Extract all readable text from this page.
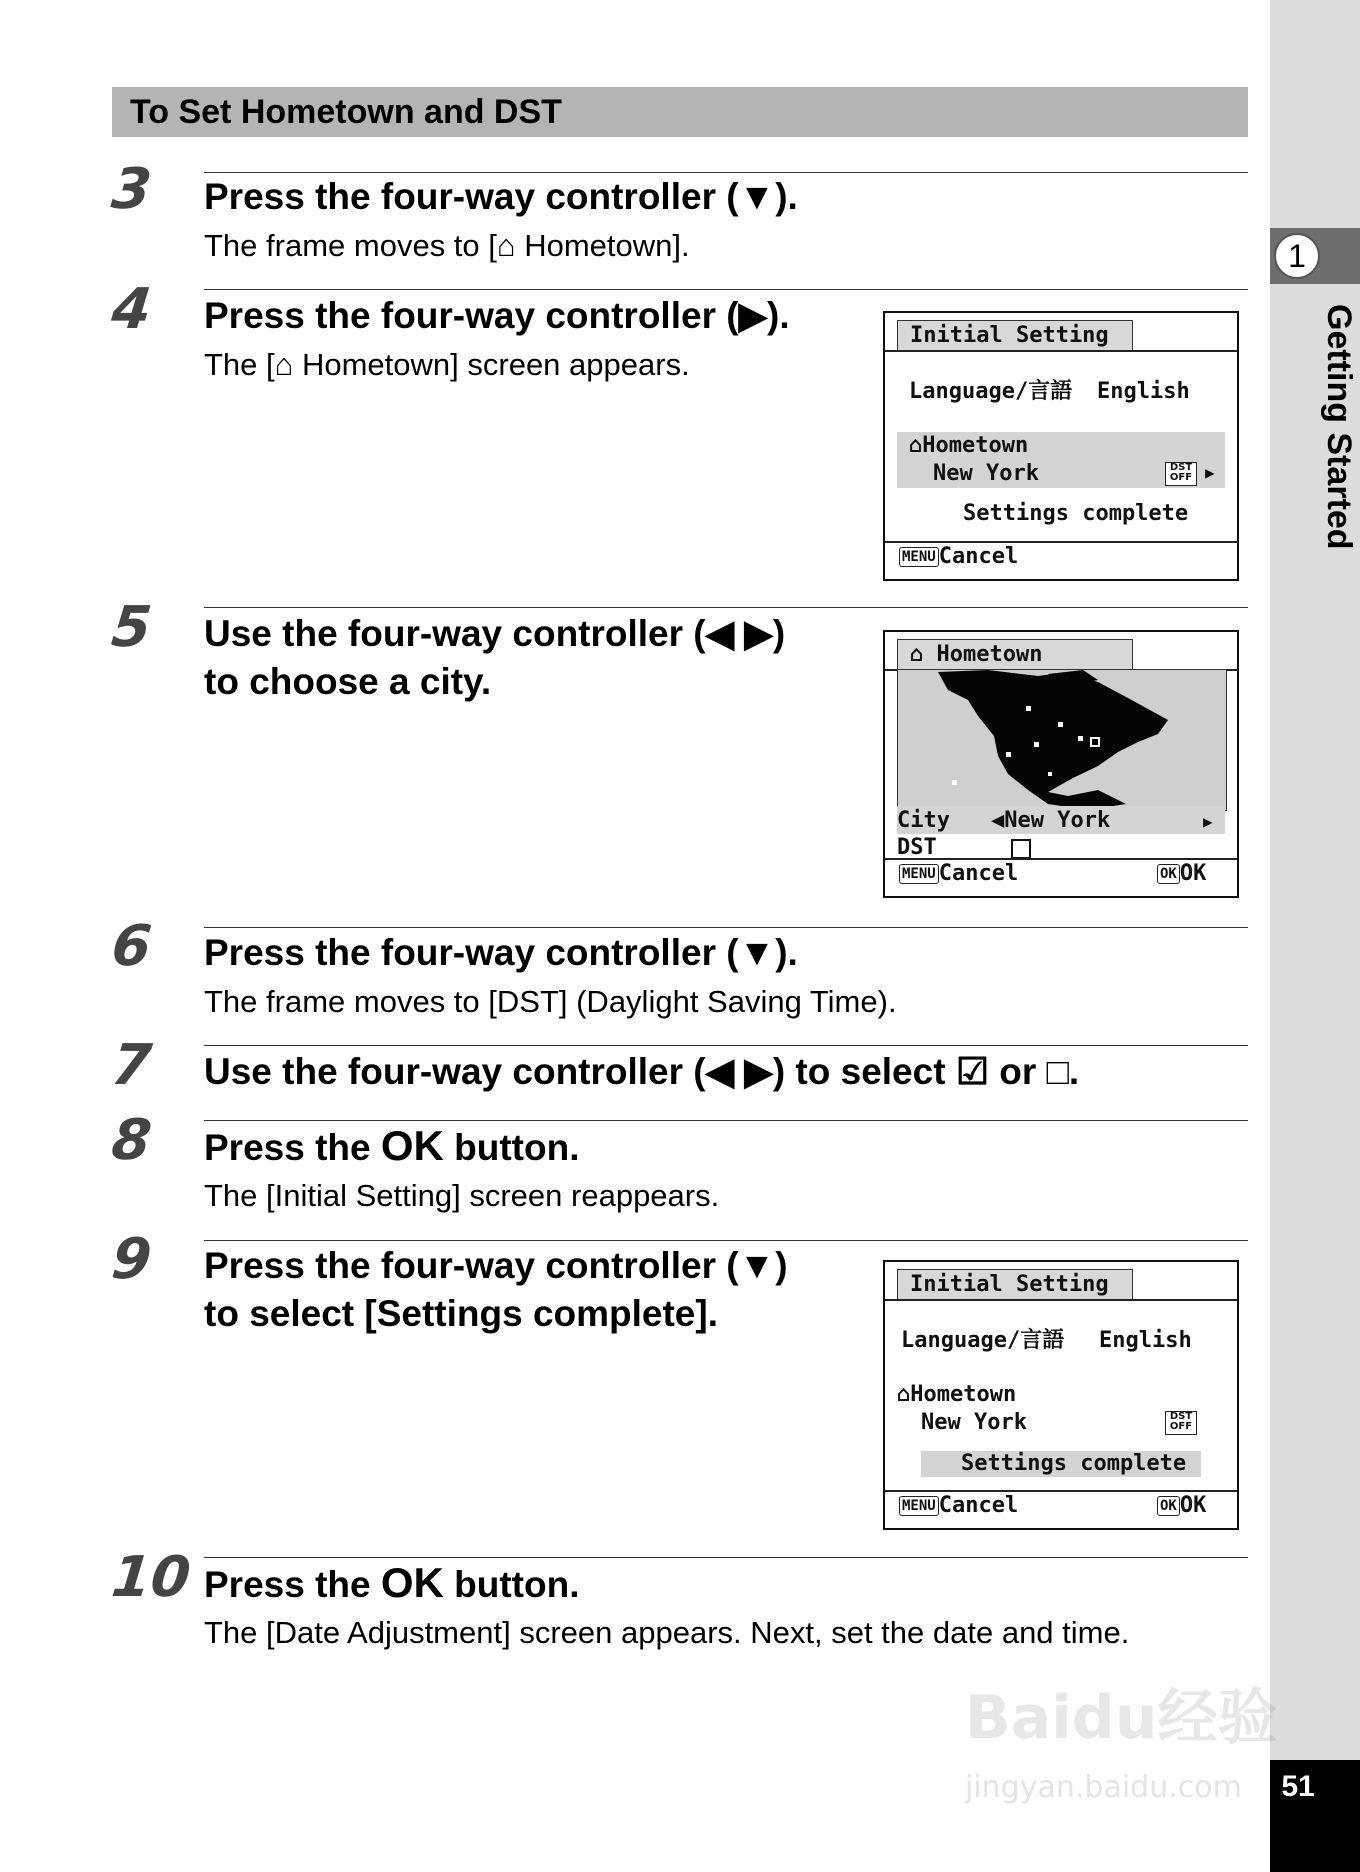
1
Getting Started
51
To Set Hometown and DST
3 Press the four-way controller (▼).
The frame moves to [⌂ Hometown].
4 Press the four-way controller (▶).
The [⌂ Hometown] screen appears.
Initial Setting
Language/言語 English
⌂Hometown
New York	DST OFF ▶
Settings complete
MENU Cancel
5 Use the four-way controller (◀ ▶)
to choose a city.
⌂ Hometown
City ◀New York	▶
DST
MENU Cancel	OK OK
6 Press the four-way controller (▼).
The frame moves to [DST] (Daylight Saving Time).
7 Use the four-way controller (◀ ▶) to select ☑ or □.
8 Press the OK button.
The [Initial Setting] screen reappears.
9 Press the four-way controller (▼)
to select [Settings complete].
Initial Setting
Language/言語 English
⌂Hometown
New York	DST OFF
Settings complete
MENU Cancel	OK OK
10 Press the OK button.
The [Date Adjustment] screen appears. Next, set the date and time.
Baidu经验
jingyan.baidu.com
